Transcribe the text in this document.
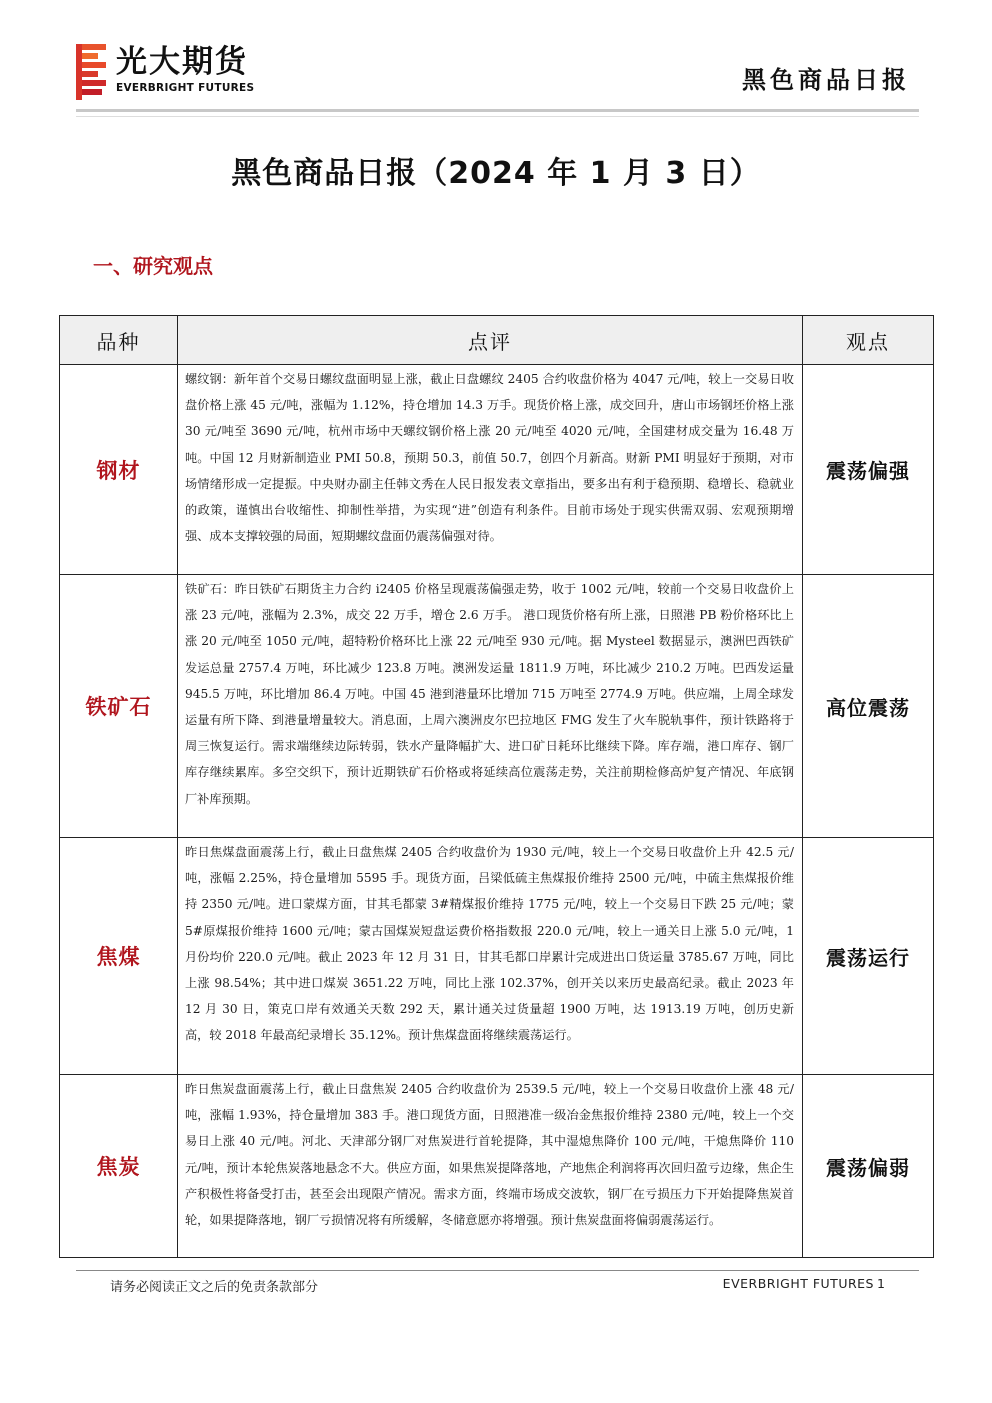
光大期货
EVERBRIGHT FUTURES	黑色商品日报
黑色商品日报（2024 年 1 月 3 日）
一、研究观点
品种	点评	观点
钢材	螺纹钢：新年首个交易日螺纹盘面明显上涨，截止日盘螺纹 2405 合约收盘价格为 4047 元/吨，较上一交易日收盘价格上涨 45 元/吨，涨幅为 1.12%，持仓增加 14.3 万手。现货价格上涨，成交回升，唐山市场钢坯价格上涨 30 元/吨至 3690 元/吨，杭州市场中天螺纹钢价格上涨 20 元/吨至 4020 元/吨，全国建材成交量为 16.48 万吨。中国 12 月财新制造业 PMI 50.8，预期 50.3，前值 50.7，创四个月新高。财新 PMI 明显好于预期，对市场情绪形成一定提振。中央财办副主任韩文秀在人民日报发表文章指出，要多出有利于稳预期、稳增长、稳就业的政策，谨慎出台收缩性、抑制性举措，为实现“进”创造有利条件。目前市场处于现实供需双弱、宏观预期增强、成本支撑较强的局面，短期螺纹盘面仍震荡偏强对待。	震荡偏强
铁矿石	铁矿石：昨日铁矿石期货主力合约 i2405 价格呈现震荡偏强走势，收于 1002 元/吨，较前一个交易日收盘价上涨 23 元/吨，涨幅为 2.3%，成交 22 万手，增仓 2.6 万手。 港口现货价格有所上涨，日照港 PB 粉价格环比上涨 20 元/吨至 1050 元/吨，超特粉价格环比上涨 22 元/吨至 930 元/吨。据 Mysteel 数据显示，澳洲巴西铁矿发运总量 2757.4 万吨，环比减少 123.8 万吨。澳洲发运量 1811.9 万吨，环比减少 210.2 万吨。巴西发运量 945.5 万吨，环比增加 86.4 万吨。中国 45 港到港量环比增加 715 万吨至 2774.9 万吨。供应端，上周全球发运量有所下降、到港量增量较大。消息面，上周六澳洲皮尔巴拉地区 FMG 发生了火车脱轨事件，预计铁路将于周三恢复运行。需求端继续边际转弱，铁水产量降幅扩大、进口矿日耗环比继续下降。库存端，港口库存、钢厂库存继续累库。多空交织下，预计近期铁矿石价格或将延续高位震荡走势，关注前期检修高炉复产情况、年底钢厂补库预期。	高位震荡
焦煤	昨日焦煤盘面震荡上行，截止日盘焦煤 2405 合约收盘价为 1930 元/吨，较上一个交易日收盘价上升 42.5 元/吨，涨幅 2.25%，持仓量增加 5595 手。现货方面，吕梁低硫主焦煤报价维持 2500 元/吨，中硫主焦煤报价维持 2350 元/吨。进口蒙煤方面，甘其毛都蒙 3#精煤报价维持 1775 元/吨，较上一个交易日下跌 25 元/吨；蒙 5#原煤报价维持 1600 元/吨；蒙古国煤炭短盘运费价格指数报 220.0 元/吨，较上一通关日上涨 5.0 元/吨，1 月份均价 220.0 元/吨。截止 2023 年 12 月 31 日，甘其毛都口岸累计完成进出口货运量 3785.67 万吨，同比上涨 98.54%；其中进口煤炭 3651.22 万吨，同比上涨 102.37%，创开关以来历史最高纪录。截止 2023 年 12 月 30 日，策克口岸有效通关天数 292 天，累计通关过货量超 1900 万吨，达 1913.19 万吨，创历史新高，较 2018 年最高纪录增长 35.12%。预计焦煤盘面将继续震荡运行。	震荡运行
焦炭	昨日焦炭盘面震荡上行，截止日盘焦炭 2405 合约收盘价为 2539.5 元/吨，较上一个交易日收盘价上涨 48 元/吨，涨幅 1.93%，持仓量增加 383 手。港口现货方面，日照港准一级冶金焦报价维持 2380 元/吨，较上一个交易日上涨 40 元/吨。河北、天津部分钢厂对焦炭进行首轮提降，其中湿熄焦降价 100 元/吨，干熄焦降价 110 元/吨，预计本轮焦炭落地悬念不大。供应方面，如果焦炭提降落地，产地焦企利润将再次回归盈亏边缘，焦企生产积极性将备受打击，甚至会出现限产情况。需求方面，终端市场成交波软，钢厂在亏损压力下开始提降焦炭首轮，如果提降落地，钢厂亏损情况将有所缓解，冬储意愿亦将增强。预计焦炭盘面将偏弱震荡运行。	震荡偏弱
请务必阅读正文之后的免责条款部分	EVERBRIGHT FUTURES 1
